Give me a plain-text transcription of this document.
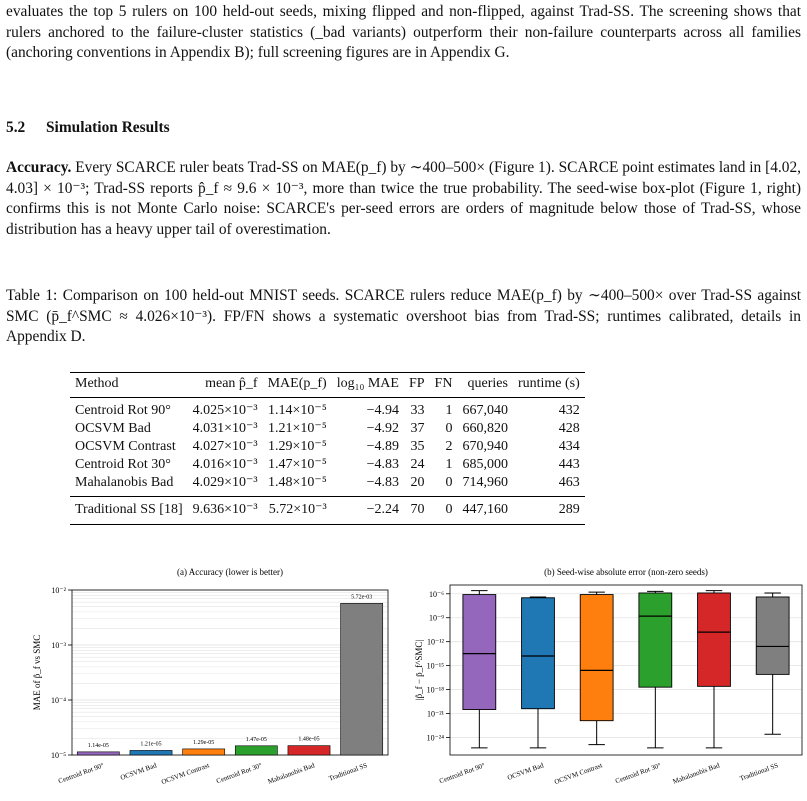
evaluates the top 5 rulers on 100 held-out seeds, mixing flipped and non-flipped, against Trad-SS. The screening shows that rulers anchored to the failure-cluster statistics (_bad variants) outperform their non-failure counterparts across all families (anchoring conventions in Appendix B); full screening figures are in Appendix G.

5.2 Simulation Results

Accuracy. Every SCARCE ruler beats Trad-SS on MAE(p_f) by ∼400–500× (Figure 1). SCARCE point estimates land in [4.02, 4.03] × 10⁻³; Trad-SS reports p̂_f ≈ 9.6 × 10⁻³, more than twice the true probability. The seed-wise box-plot (Figure 1, right) confirms this is not Monte Carlo noise: SCARCE's per-seed errors are orders of magnitude below those of Trad-SS, whose distribution has a heavy upper tail of overestimation.

Table 1: Comparison on 100 held-out MNIST seeds. SCARCE rulers reduce MAE(p_f) by ∼400–500× over Trad-SS against SMC (p̄_f^SMC ≈ 4.026×10⁻³). FP/FN shows a systematic overshoot bias from Trad-SS; runtimes calibrated, details in Appendix D.

Method	mean p̂_f	MAE(p_f)	log₁₀ MAE	FP	FN	queries	runtime (s)
Centroid Rot 90°	4.025×10⁻³	1.14×10⁻⁵	−4.94	33	1	667,040	432
OCSVM Bad	4.031×10⁻³	1.21×10⁻⁵	−4.92	37	0	660,820	428
OCSVM Contrast	4.027×10⁻³	1.29×10⁻⁵	−4.89	35	2	670,940	434
Centroid Rot 30°	4.016×10⁻³	1.47×10⁻⁵	−4.83	24	1	685,000	443
Mahalanobis Bad	4.029×10⁻³	1.48×10⁻⁵	−4.83	20	0	714,960	463
Traditional SS [18]	9.636×10⁻³	5.72×10⁻³	−2.24	70	0	447,160	289
(a) Accuracy (lower is better)
10⁻⁵
10⁻⁴
10⁻³
10⁻²
MAE of p̂_f vs SMC
1.14e-05
Centroid Rot 90°
1.21e-05
OCSVM Bad
1.29e-05
OCSVM Contrast
1.47e-05
Centroid Rot 30°
1.48e-05
Mahalanobis Bad
5.72e-03
Traditional SS
(b) Seed-wise absolute error (non-zero seeds)
10⁻⁶
10⁻⁹
10⁻¹²
10⁻¹⁵
10⁻¹⁸
10⁻²¹
10⁻²⁴
|p̂_f − p̄_f^SMC|
Centroid Rot 90°	OCSVM Bad OCSVM Contrast Centroid Rot 30° Mahalanobis Bad	Traditional SS
